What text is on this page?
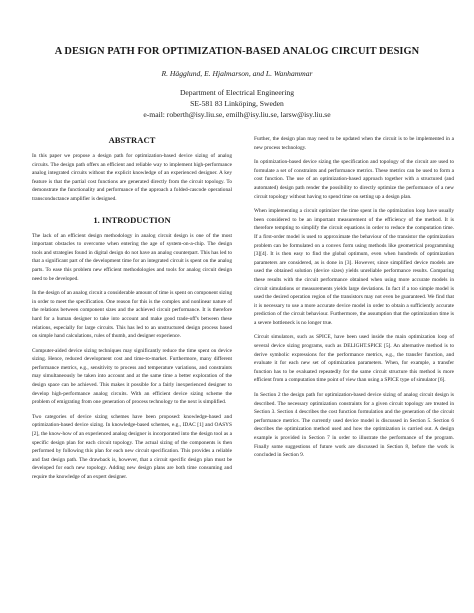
A DESIGN PATH FOR OPTIMIZATION-BASED ANALOG CIRCUIT DESIGN
R. Hägglund, E. Hjalmarson, and L. Wanhammar
Department of Electrical Engineering
SE-581 83 Linköping, Sweden
e-mail: roberth@isy.liu.se, emilh@isy.liu.se, larsw@isy.liu.se
ABSTRACT

In this paper we propose a design path for optimization-based device sizing of analog circuits. The design path offers an efficient and reliable way to implement high-performance analog integrated circuits without the explicit knowledge of an experienced designer. A key feature is that the partial cost functions are generated directly from the circuit topology. To demonstrate the functionality and performance of the approach a folded-cascode operational transconductance amplifier is designed.

1. INTRODUCTION

The lack of an efficient design methodology in analog circuit design is one of the most important obstacles to overcome when entering the age of system-on-a-chip. The design tools and strategies found in digital design do not have an analog counterpart. This has led to that a significant part of the development time for an integrated circuit is spent on the analog parts. To ease this problem new efficient methodologies and tools for analog circuit design need to be developed.

In the design of an analog circuit a considerable amount of time is spent on component sizing in order to meet the specification. One reason for this is the complex and nonlinear nature of the relations between component sizes and the achieved circuit performance. It is therefore hard for a human designer to take into account and make good trade-off's between these relations, especially for large circuits. This has led to an unstructured design process based on simple hand calculations, rules of thumb, and designer experience.

Computer-aided device sizing techniques may significantly reduce the time spent on device sizing. Hence, reduced development cost and time-to-market. Furthermore, many different performance metrics, e.g., sensitivity to process and temperature variations, and constraints may simultaneously be taken into account and at the same time a better exploration of the design space can be achieved. This makes it possible for a fairly inexperienced designer to develop high-performance analog circuits. With an efficient device sizing scheme the problem of emigrating from one generation of process technology to the next is simplified.

Two categories of device sizing schemes have been proposed: knowledge-based and optimization-based device sizing. In knowledge-based schemes, e.g., IDAC [1] and OASYS [2], the know-how of an experienced analog designer is incorporated into the design tool as a specific design plan for each circuit topology. The actual sizing of the components is then performed by following this plan for each new circuit specification. This provides a reliable and fast design path. The drawback is, however, that a circuit specific design plan must be developed for each new topology. Adding new design plans are both time consuming and require the knowledge of an expert designer.

Further, the design plan may need to be updated when the circuit is to be implemented in a new process technology.

In optimization-based device sizing the specification and topology of the circuit are used to formulate a set of constraints and performance metrics. These metrics can be used to form a cost function. The use of an optimization-based approach together with a structured (and automated) design path render the possibility to directly optimize the performance of a new circuit topology without having to spend time on setting up a design plan.

When implementing a circuit optimizer the time spent in the optimization loop have usually been considered to be an important measurement of the efficiency of the method. It is therefore tempting to simplify the circuit equations in order to reduce the computation time. If a first-order model is used to approximate the behaviour of the transistor the optimization problem can be formulated on a convex form using methods like geometrical programming [3][4]. It is then easy to find the global optimum, even when hundreds of optimization parameters are considered, as is done in [3]. However, since simplified device models are used the obtained solution (device sizes) yields unreliable performance results. Comparing these results with the circuit performance obtained when using more accurate models in circuit simulations or measurements yields large deviations. In fact if a too simple model is used the desired operation region of the transistors may not even be guaranteed. We find that it is necessary to use a more accurate device model in order to obtain a sufficiently accurate prediction of the circuit behaviour. Furthermore, the assumption that the optimization time is a severe bottleneck is no longer true.

Circuit simulators, such as SPICE, have been used inside the main optimization loop of several device sizing programs, such as DELIGHT.SPICE [5]. An alternative method is to derive symbolic expressions for the performance metrics, e.g., the transfer function, and evaluate it for each new set of optimization parameters. When, for example, a transfer function has to be evaluated repeatedly for the same circuit structure this method is more efficient from a computation time point of view than using a SPICE type of simulator [6].

In Section 2 the design path for optimization-based device sizing of analog circuit design is described. The necessary optimization constraints for a given circuit topology are treated in Section 3. Section 4 describes the cost function formulation and the generation of the circuit performance metrics. The currently used device model is discussed in Section 5. Section 6 describes the optimization method used and how the optimization is carried out. A design example is provided in Section 7 in order to illustrate the performance of the program. Finally some suggestions of future work are discussed in Section 8, before the work is concluded in Section 9.
